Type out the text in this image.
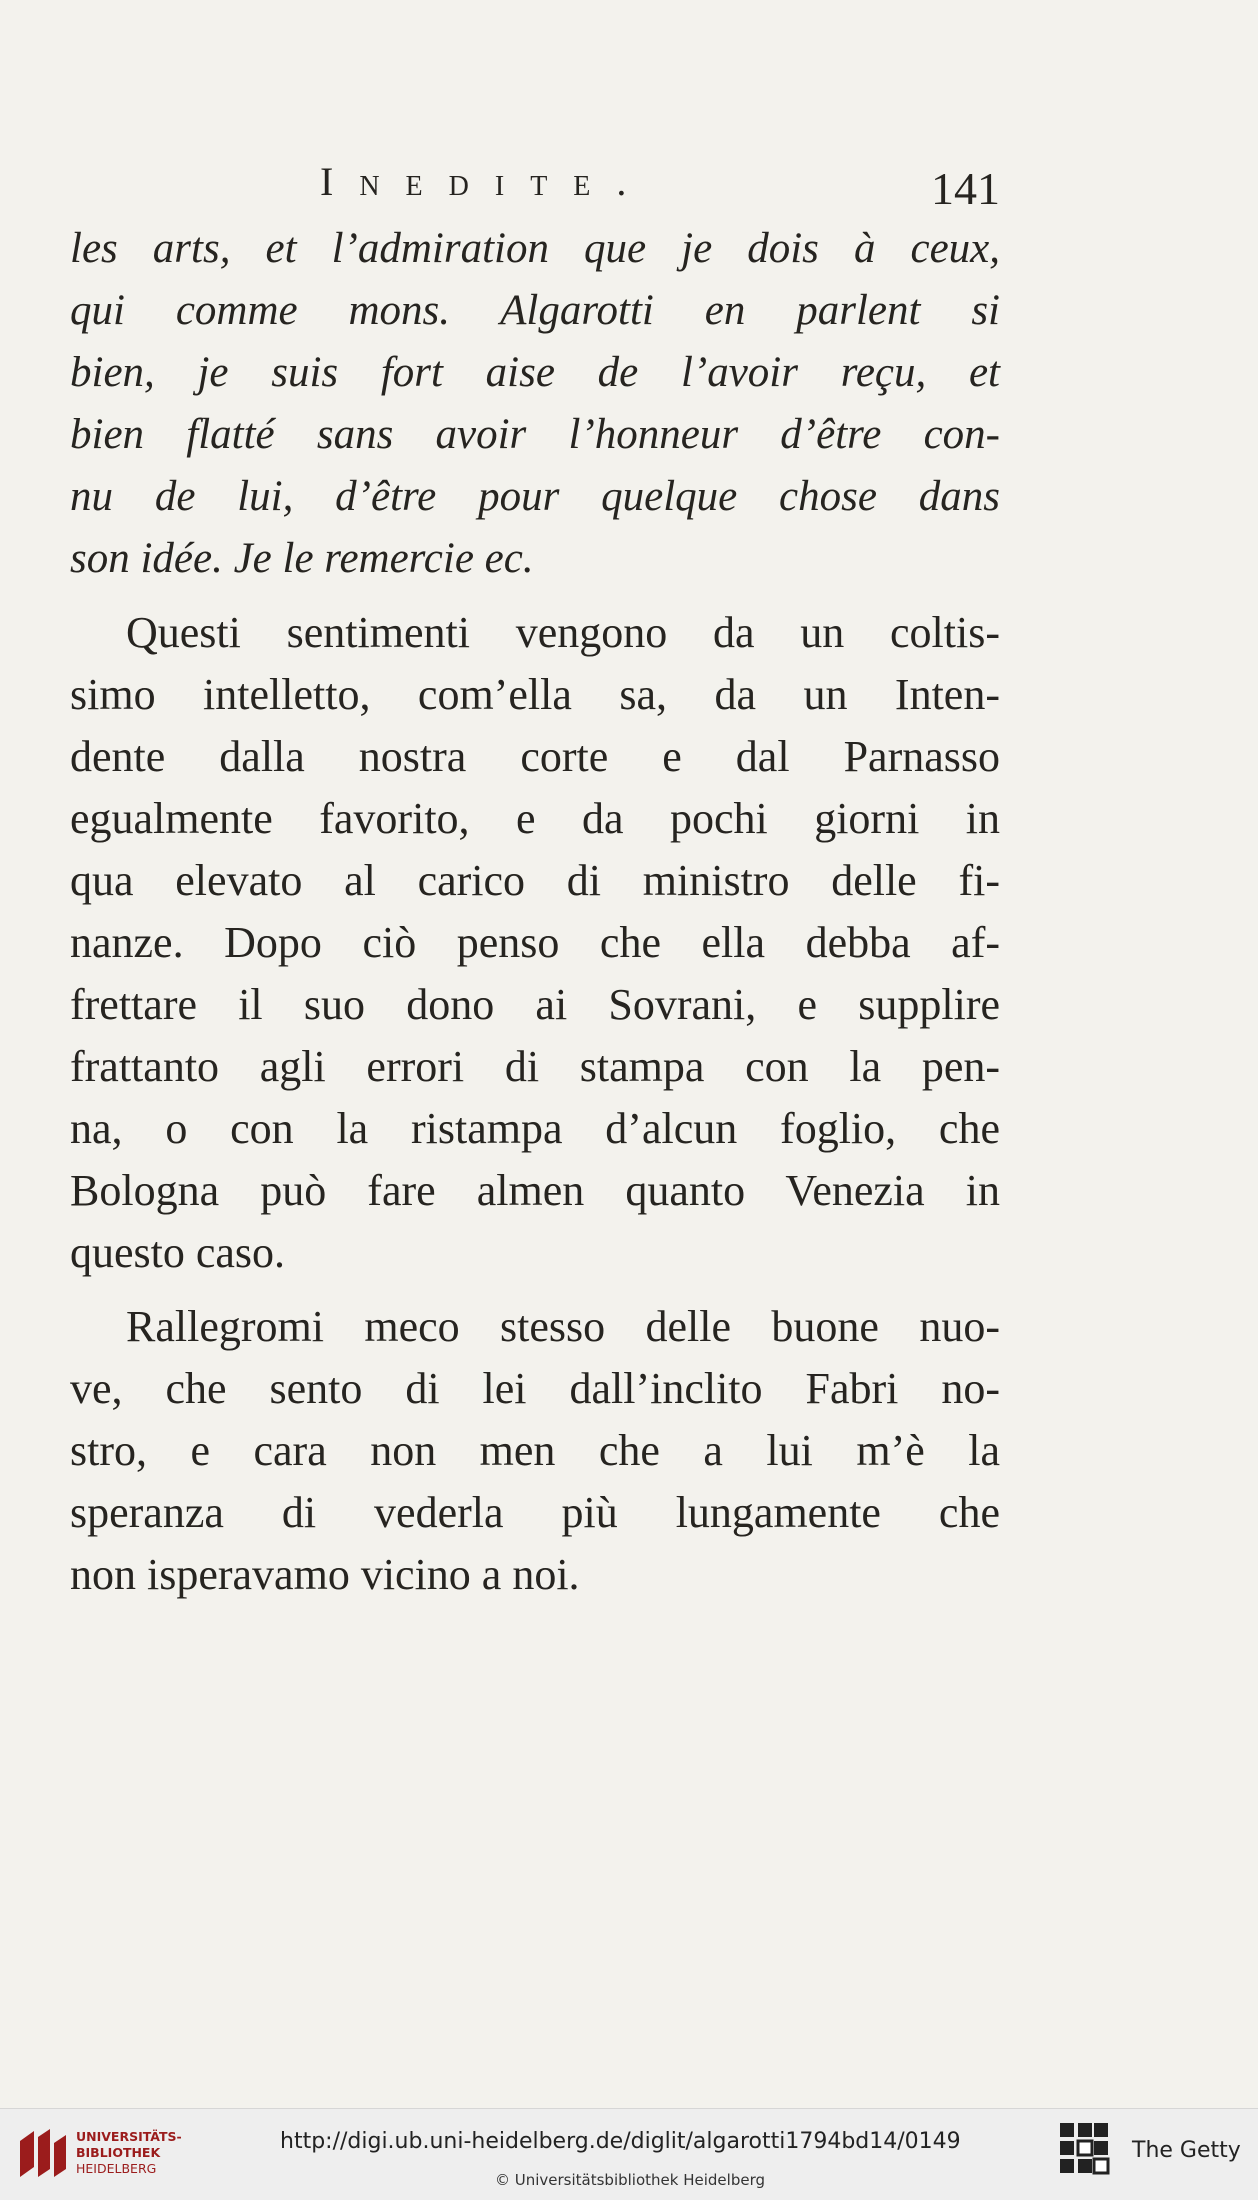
Inedite.	141
les arts, et l’admiration que je dois à ceux,
qui comme mons. Algarotti en parlent si
bien, je suis fort aise de l’avoir reçu, et
bien flatté sans avoir l’honneur d’être con-
nu de lui, d’être pour quelque chose dans
son idée. Je le remercie ec.
Questi sentimenti vengono da un coltis-
simo intelletto, com’ella sa, da un Inten-
dente dalla nostra corte e dal Parnasso
egualmente favorito, e da pochi giorni in
qua elevato al carico di ministro delle fi-
nanze. Dopo ciò penso che ella debba af-
frettare il suo dono ai Sovrani, e supplire
frattanto agli errori di stampa con la pen-
na, o con la ristampa d’alcun foglio, che
Bologna può fare almen quanto Venezia in
questo caso.
Rallegromi meco stesso delle buone nuo-
ve, che sento di lei dall’inclito Fabri no-
stro, e cara non men che a lui m’è la
speranza di vederla più lungamente che
non isperavamo vicino a noi.
UNIVERSITÄTS-
BIBLIOTHEK
HEIDELBERG
http://digi.ub.uni-heidelberg.de/diglit/algarotti1794bd14/0149
© Universitätsbibliothek Heidelberg
The Getty
